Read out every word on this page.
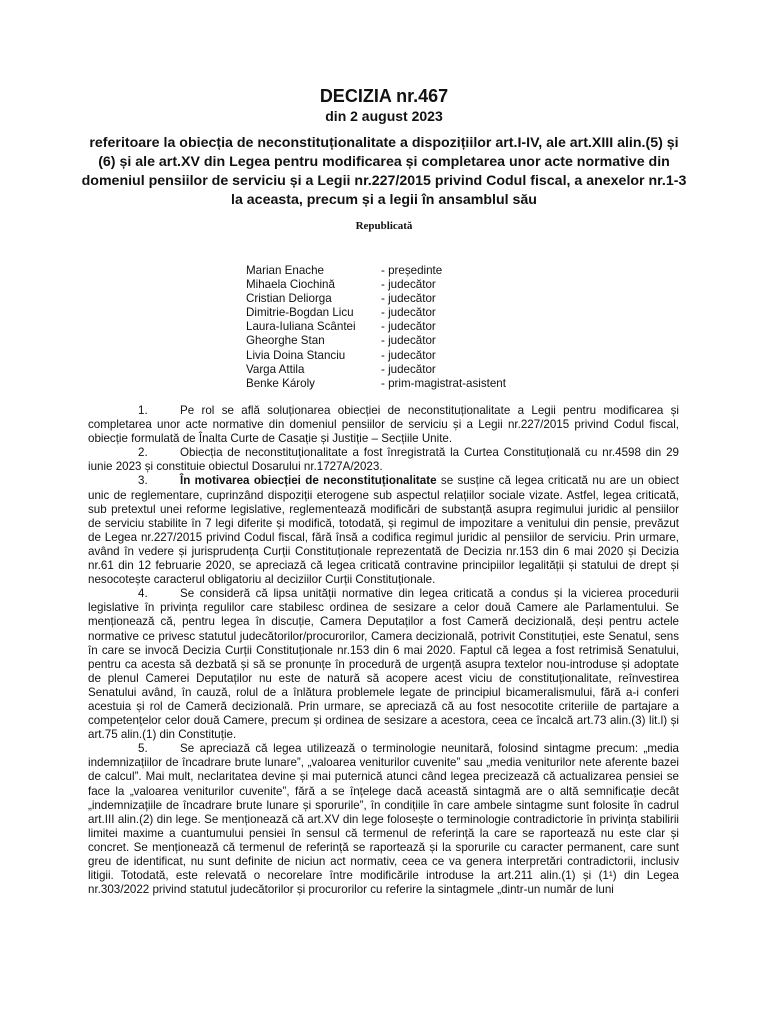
DECIZIA nr.467
din 2 august 2023
referitoare la obiecția de neconstituționalitate a dispozițiilor art.I-IV, ale art.XIII alin.(5) și (6) și ale art.XV din Legea pentru modificarea și completarea unor acte normative din domeniul pensiilor de serviciu și a Legii nr.227/2015 privind Codul fiscal, a anexelor nr.1-3 la aceasta, precum și a legii în ansamblul său
Republicată
Marian Enache	- președinte
Mihaela Ciochină	- judecător
Cristian Deliorga	- judecător
Dimitrie-Bogdan Licu	- judecător
Laura-Iuliana Scântei	- judecător
Gheorghe Stan	- judecător
Livia Doina Stanciu	- judecător
Varga Attila	- judecător
Benke Károly	- prim-magistrat-asistent

1.	Pe rol se află soluționarea obiecției de neconstituționalitate a Legii pentru modificarea și completarea unor acte normative din domeniul pensiilor de serviciu și a Legii nr.227/2015 privind Codul fiscal, obiecție formulată de Înalta Curte de Casație și Justiție – Secțiile Unite.

2.	Obiecția de neconstituționalitate a fost înregistrată la Curtea Constituțională cu nr.4598 din 29 iunie 2023 și constituie obiectul Dosarului nr.1727A/2023.

3.	În motivarea obiecției de neconstituționalitate se susține că legea criticată nu are un obiect unic de reglementare, cuprinzând dispoziții eterogene sub aspectul relațiilor sociale vizate. Astfel, legea criticată, sub pretextul unei reforme legislative, reglementează modificări de substanță asupra regimului juridic al pensiilor de serviciu stabilite în 7 legi diferite și modifică, totodată, și regimul de impozitare a venitului din pensie, prevăzut de Legea nr.227/2015 privind Codul fiscal, fără însă a codifica regimul juridic al pensiilor de serviciu. Prin urmare, având în vedere și jurisprudența Curții Constituționale reprezentată de Decizia nr.153 din 6 mai 2020 și Decizia nr.61 din 12 februarie 2020, se apreciază că legea criticată contravine principiilor legalității și statului de drept și nesocotește caracterul obligatoriu al deciziilor Curții Constituționale.

4.	Se consideră că lipsa unității normative din legea criticată a condus și la vicierea procedurii legislative în privința regulilor care stabilesc ordinea de sesizare a celor două Camere ale Parlamentului. Se menționează că, pentru legea în discuție, Camera Deputaților a fost Cameră decizională, deși pentru actele normative ce privesc statutul judecătorilor/procurorilor, Camera decizională, potrivit Constituției, este Senatul, sens în care se invocă Decizia Curții Constituționale nr.153 din 6 mai 2020. Faptul că legea a fost retrimisă Senatului, pentru ca acesta să dezbată și să se pronunțe în procedură de urgență asupra textelor nou-introduse și adoptate de plenul Camerei Deputaților nu este de natură să acopere acest viciu de constituționalitate, reînvestirea Senatului având, în cauză, rolul de a înlătura problemele legate de principiul bicameralismului, fără a-i conferi acestuia și rol de Cameră decizională. Prin urmare, se apreciază că au fost nesocotite criteriile de partajare a competențelor celor două Camere, precum și ordinea de sesizare a acestora, ceea ce încalcă art.73 alin.(3) lit.l) și art.75 alin.(1) din Constituție.

5.	Se apreciază că legea utilizează o terminologie neunitară, folosind sintagme precum: „media indemnizațiilor de încadrare brute lunare”, „valoarea veniturilor cuvenite” sau „media veniturilor nete aferente bazei de calcul”. Mai mult, neclaritatea devine și mai puternică atunci când legea precizează că actualizarea pensiei se face la „valoarea veniturilor cuvenite”, fără a se înțelege dacă această sintagmă are o altă semnificație decât „indemnizațiile de încadrare brute lunare și sporurile”, în condițiile în care ambele sintagme sunt folosite în cadrul art.III alin.(2) din lege. Se menționează că art.XV din lege folosește o terminologie contradictorie în privința stabilirii limitei maxime a cuantumului pensiei în sensul că termenul de referință la care se raportează nu este clar și concret. Se menționează că termenul de referință se raportează și la sporurile cu caracter permanent, care sunt greu de identificat, nu sunt definite de niciun act normativ, ceea ce va genera interpretări contradictorii, inclusiv litigii. Totodată, este relevată o necorelare între modificările introduse la art.211 alin.(1) și (1¹) din Legea nr.303/2022 privind statutul judecătorilor și procurorilor cu referire la sintagmele „dintr-un număr de luni
